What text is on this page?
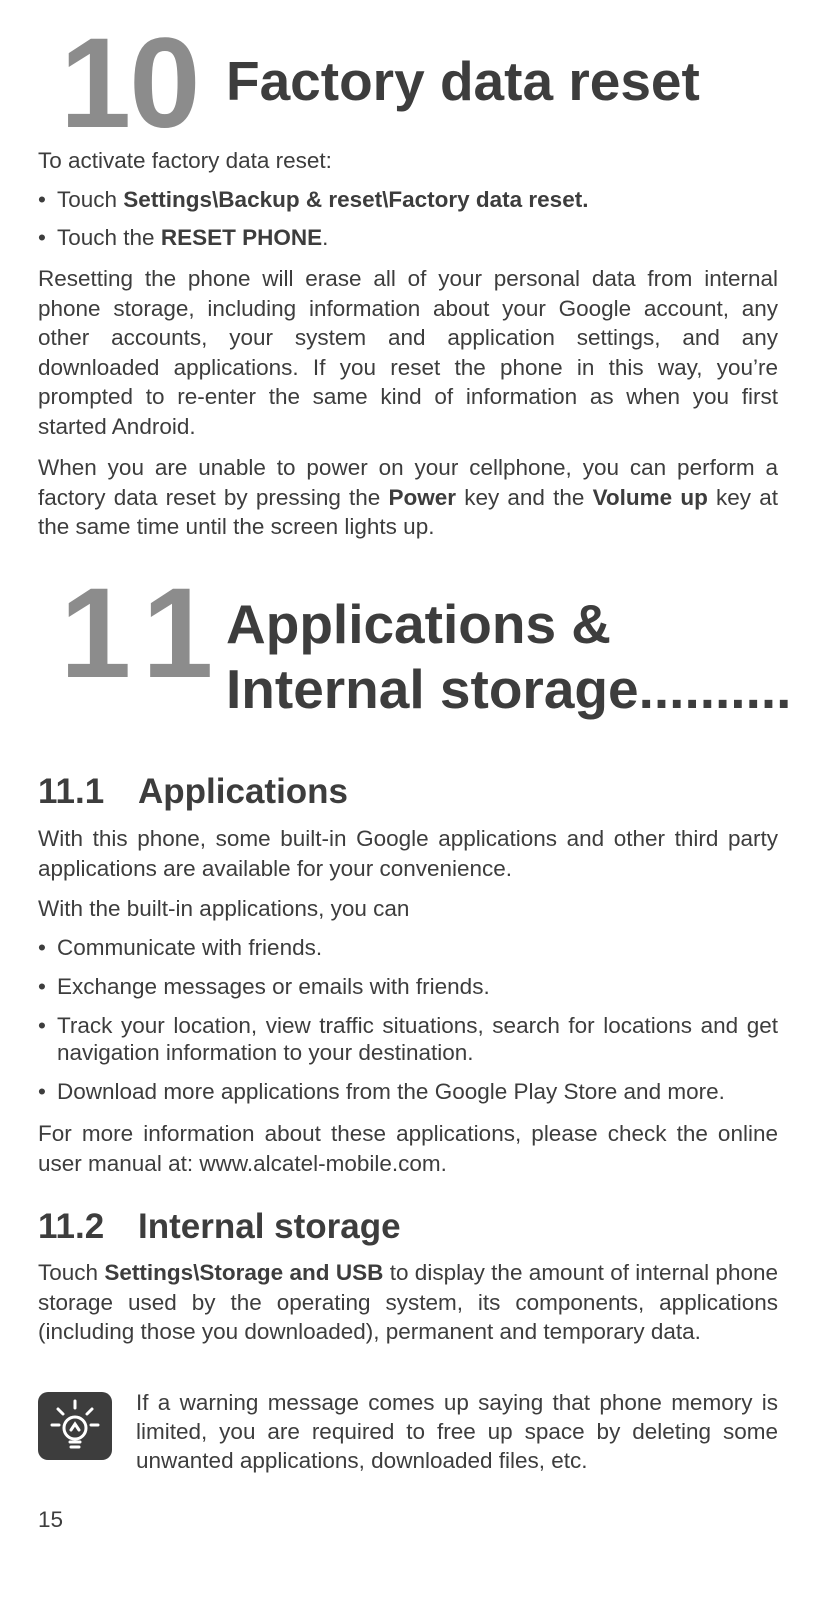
10 Factory data reset

To activate factory data reset:

• Touch Settings\Backup & reset\Factory data reset.

• Touch the RESET PHONE.

Resetting the phone will erase all of your personal data from internal phone storage, including information about your Google account, any other accounts, your system and application settings, and any downloaded applications. If you reset the phone in this way, you’re prompted to re-enter the same kind of information as when you first started Android.

When you are unable to power on your cellphone, you can perform a factory data reset by pressing the Power key and the Volume up key at the same time until the screen lights up.

11
Applications &
Internal storage..........
11.1 Applications

With this phone, some built-in Google applications and other third party applications are available for your convenience.

With the built-in applications, you can

• Communicate with friends.

• Exchange messages or emails with friends.

• Track your location, view traffic situations, search for locations and get navigation information to your destination.

• Download more applications from the Google Play Store and more.

For more information about these applications, please check the online user manual at: www.alcatel-mobile.com.

11.2 Internal storage

Touch Settings\Storage and USB to display the amount of internal phone storage used by the operating system, its components, applications (including those you downloaded), permanent and temporary data.

If a warning message comes up saying that phone memory is limited, you are required to free up space by deleting some unwanted applications, downloaded files, etc.

15
